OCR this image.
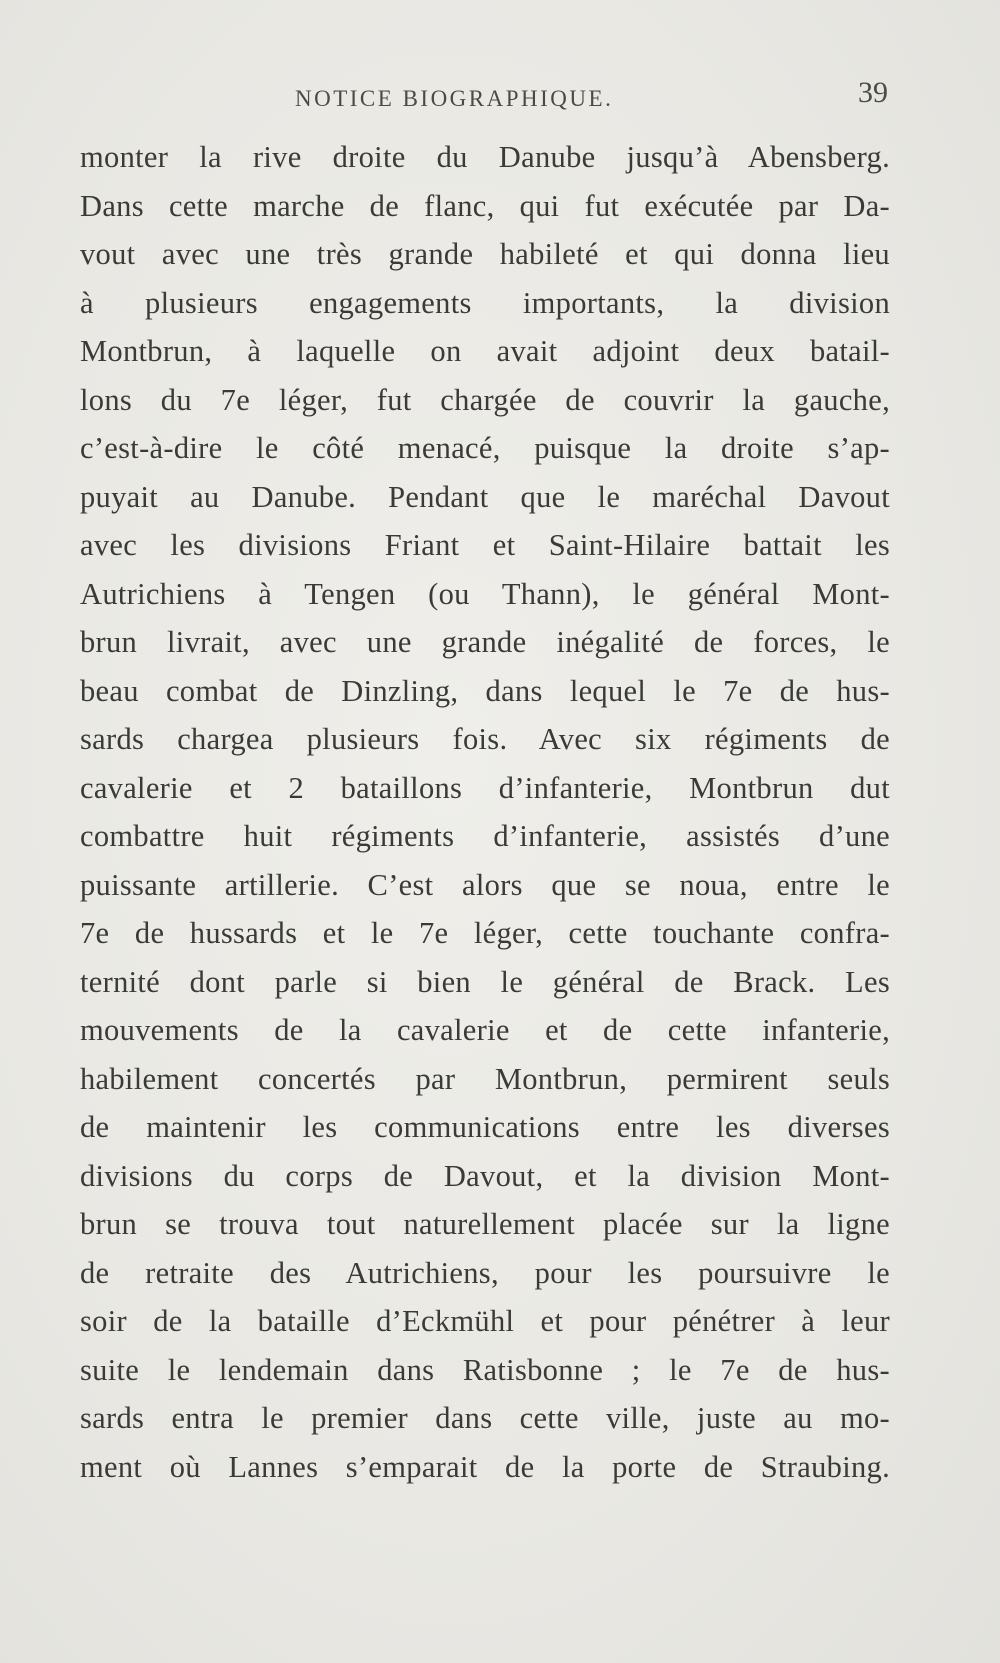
NOTICE BIOGRAPHIQUE.	39
monter la rive droite du Danube jusqu’à Abensberg.
Dans cette marche de flanc, qui fut exécutée par Da-
vout avec une très grande habileté et qui donna lieu
à plusieurs engagements importants, la division
Montbrun, à laquelle on avait adjoint deux batail-
lons du 7e léger, fut chargée de couvrir la gauche,
c’est-à-dire le côté menacé, puisque la droite s’ap-
puyait au Danube. Pendant que le maréchal Davout
avec les divisions Friant et Saint-Hilaire battait les
Autrichiens à Tengen (ou Thann), le général Mont-
brun livrait, avec une grande inégalité de forces, le
beau combat de Dinzling, dans lequel le 7e de hus-
sards chargea plusieurs fois. Avec six régiments de
cavalerie et 2 bataillons d’infanterie, Montbrun dut
combattre huit régiments d’infanterie, assistés d’une
puissante artillerie. C’est alors que se noua, entre le
7e de hussards et le 7e léger, cette touchante confra-
ternité dont parle si bien le général de Brack. Les
mouvements de la cavalerie et de cette infanterie,
habilement concertés par Montbrun, permirent seuls
de maintenir les communications entre les diverses
divisions du corps de Davout, et la division Mont-
brun se trouva tout naturellement placée sur la ligne
de retraite des Autrichiens, pour les poursuivre le
soir de la bataille d’Eckmühl et pour pénétrer à leur
suite le lendemain dans Ratisbonne ; le 7e de hus-
sards entra le premier dans cette ville, juste au mo-
ment où Lannes s’emparait de la porte de Straubing.
